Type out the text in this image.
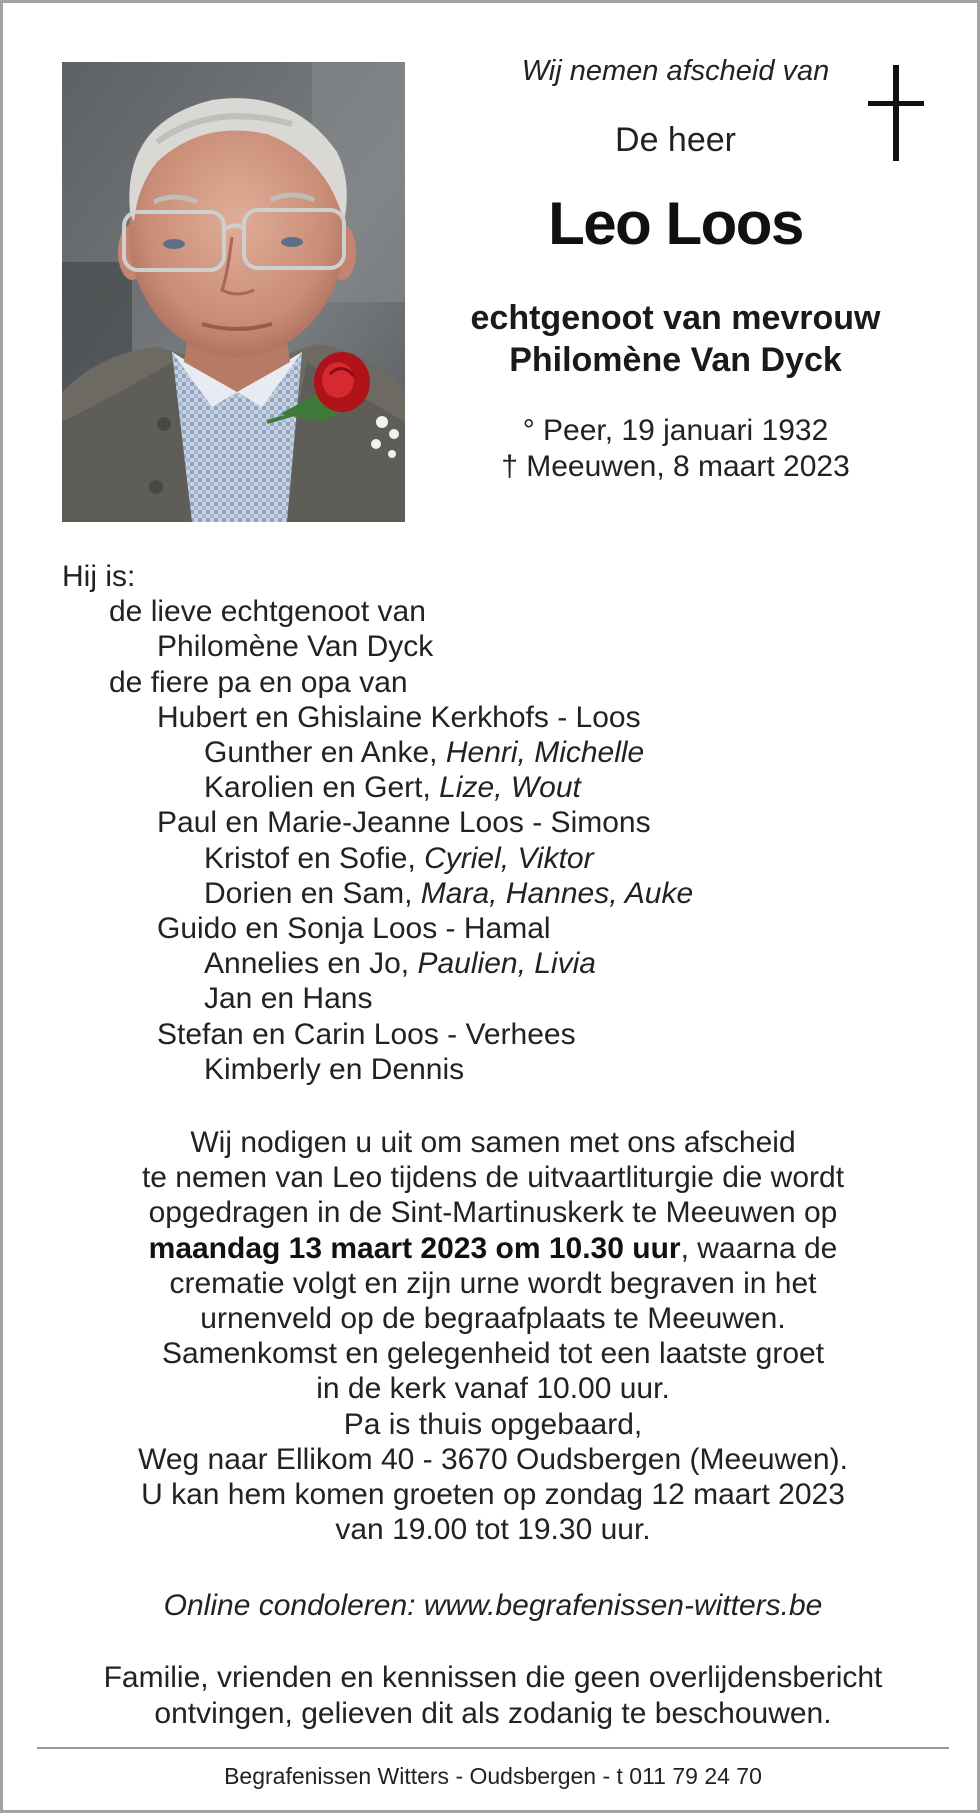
Wij nemen afscheid van
De heer
Leo Loos
echtgenoot van mevrouw
Philomène Van Dyck
° Peer, 19 januari 1932
† Meeuwen, 8 maart 2023
Hij is:
de lieve echtgenoot van
Philomène Van Dyck
de fiere pa en opa van
Hubert en Ghislaine Kerkhofs - Loos
Gunther en Anke, Henri, Michelle
Karolien en Gert, Lize, Wout
Paul en Marie-Jeanne Loos - Simons
Kristof en Sofie, Cyriel, Viktor
Dorien en Sam, Mara, Hannes, Auke
Guido en Sonja Loos - Hamal
Annelies en Jo, Paulien, Livia
Jan en Hans
Stefan en Carin Loos - Verhees
Kimberly en Dennis
Wij nodigen u uit om samen met ons afscheid
te nemen van Leo tijdens de uitvaartliturgie die wordt
opgedragen in de Sint-Martinuskerk te Meeuwen op
maandag 13 maart 2023 om 10.30 uur, waarna de
crematie volgt en zijn urne wordt begraven in het
urnenveld op de begraafplaats te Meeuwen.
Samenkomst en gelegenheid tot een laatste groet
in de kerk vanaf 10.00 uur.
Pa is thuis opgebaard,
Weg naar Ellikom 40 - 3670 Oudsbergen (Meeuwen).
U kan hem komen groeten op zondag 12 maart 2023
van 19.00 tot 19.30 uur.
Online condoleren: www.begrafenissen-witters.be
Familie, vrienden en kennissen die geen overlijdensbericht
ontvingen, gelieven dit als zodanig te beschouwen.
Begrafenissen Witters - Oudsbergen - t 011 79 24 70
